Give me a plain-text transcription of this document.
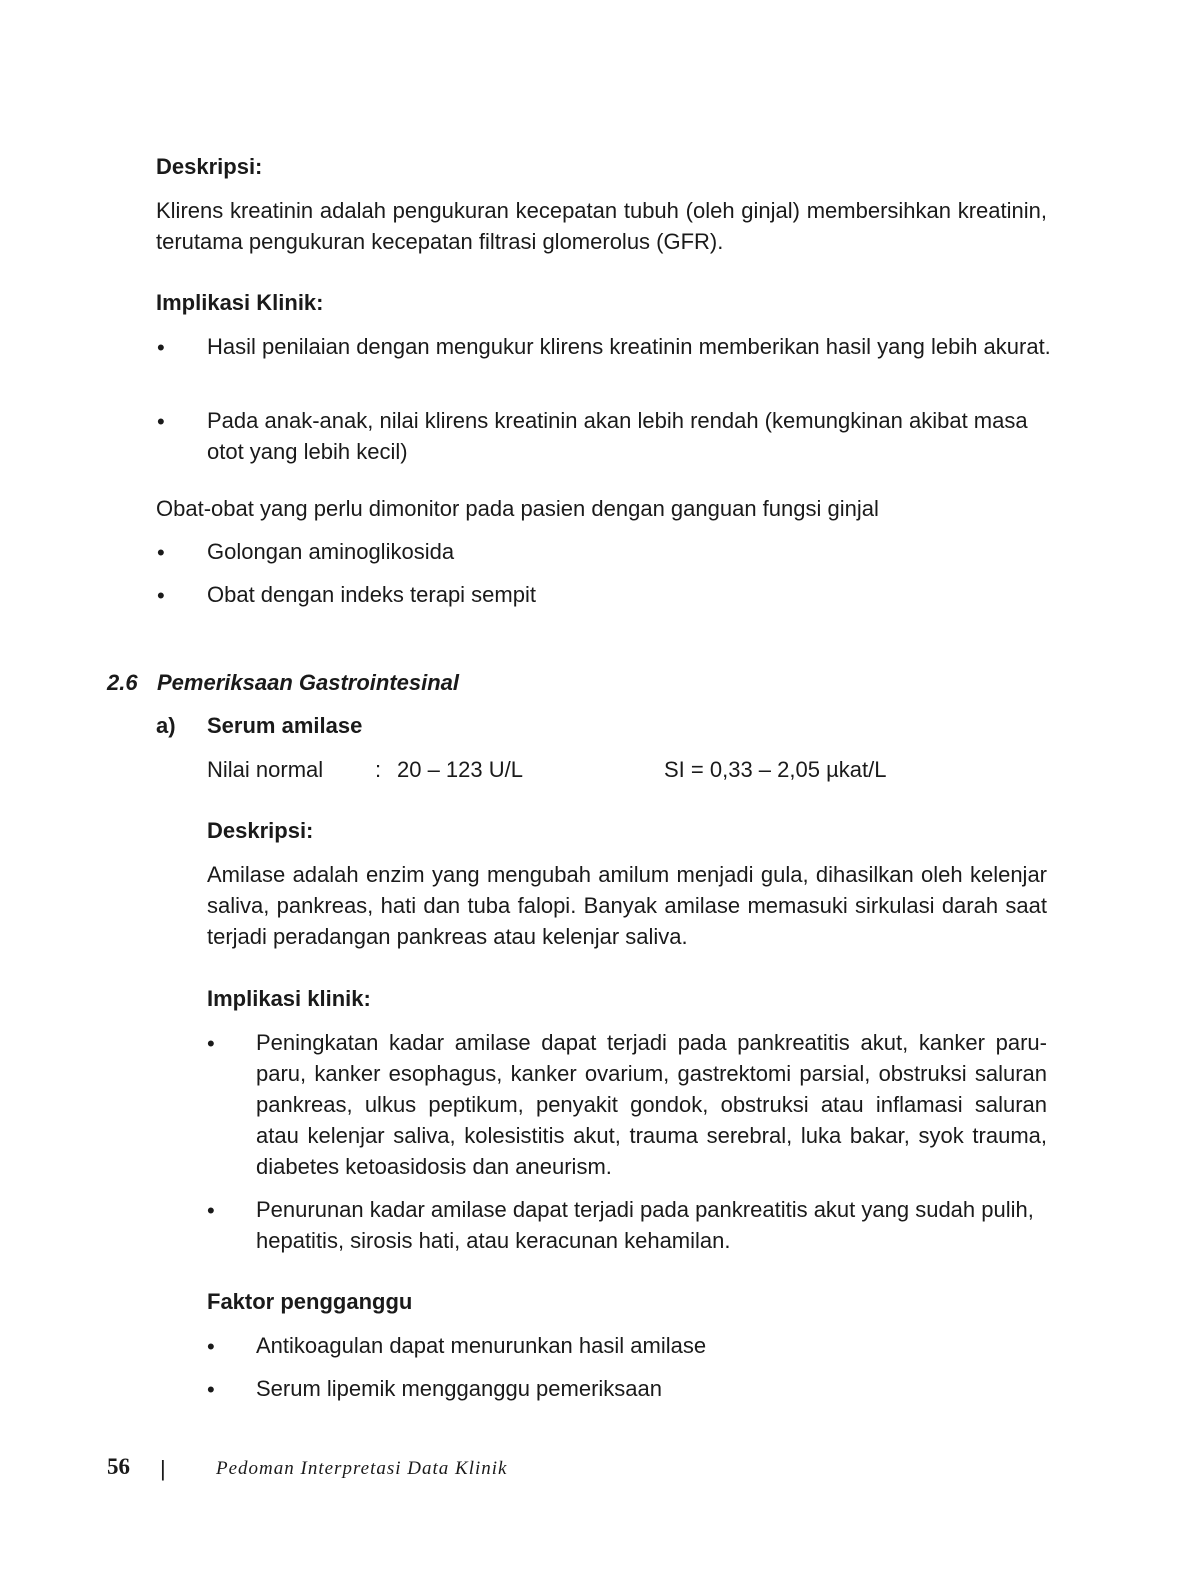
Deskripsi:
Klirens kreatinin adalah pengukuran kecepatan tubuh (oleh ginjal) membersihkan kreatinin, terutama pengukuran kecepatan filtrasi glomerolus (GFR).
Implikasi Klinik:
• Hasil penilaian dengan mengukur klirens kreatinin memberikan hasil yang lebih akurat.
• Pada anak-anak, nilai klirens kreatinin akan lebih rendah (kemungkinan akibat masa otot yang lebih kecil)
Obat-obat yang perlu dimonitor pada pasien dengan ganguan fungsi ginjal
• Golongan aminoglikosida
• Obat dengan indeks terapi sempit
2.6 Pemeriksaan Gastrointesinal
a) Serum amilase
Nilai normal : 20 – 123 U/L	SI = 0,33 – 2,05 µkat/L
Deskripsi:
Amilase adalah enzim yang mengubah amilum menjadi gula, dihasilkan oleh kelenjar saliva, pankreas, hati dan tuba falopi. Banyak amilase memasuki sirkulasi darah saat terjadi peradangan pankreas atau kelenjar saliva.
Implikasi klinik:
• Peningkatan kadar amilase dapat terjadi pada pankreatitis akut, kanker paru-paru, kanker esophagus, kanker ovarium, gastrektomi parsial, obstruksi saluran pankreas, ulkus peptikum, penyakit gondok, obstruksi atau inflamasi saluran atau kelenjar saliva, kolesistitis akut, trauma serebral, luka bakar, syok trauma, diabetes ketoasidosis dan aneurism.
• Penurunan kadar amilase dapat terjadi pada pankreatitis akut yang sudah pulih, hepatitis, sirosis hati, atau keracunan kehamilan.
Faktor pengganggu
• Antikoagulan dapat menurunkan hasil amilase
• Serum lipemik mengganggu pemeriksaan
56 |	Pedoman Interpretasi Data Klinik
